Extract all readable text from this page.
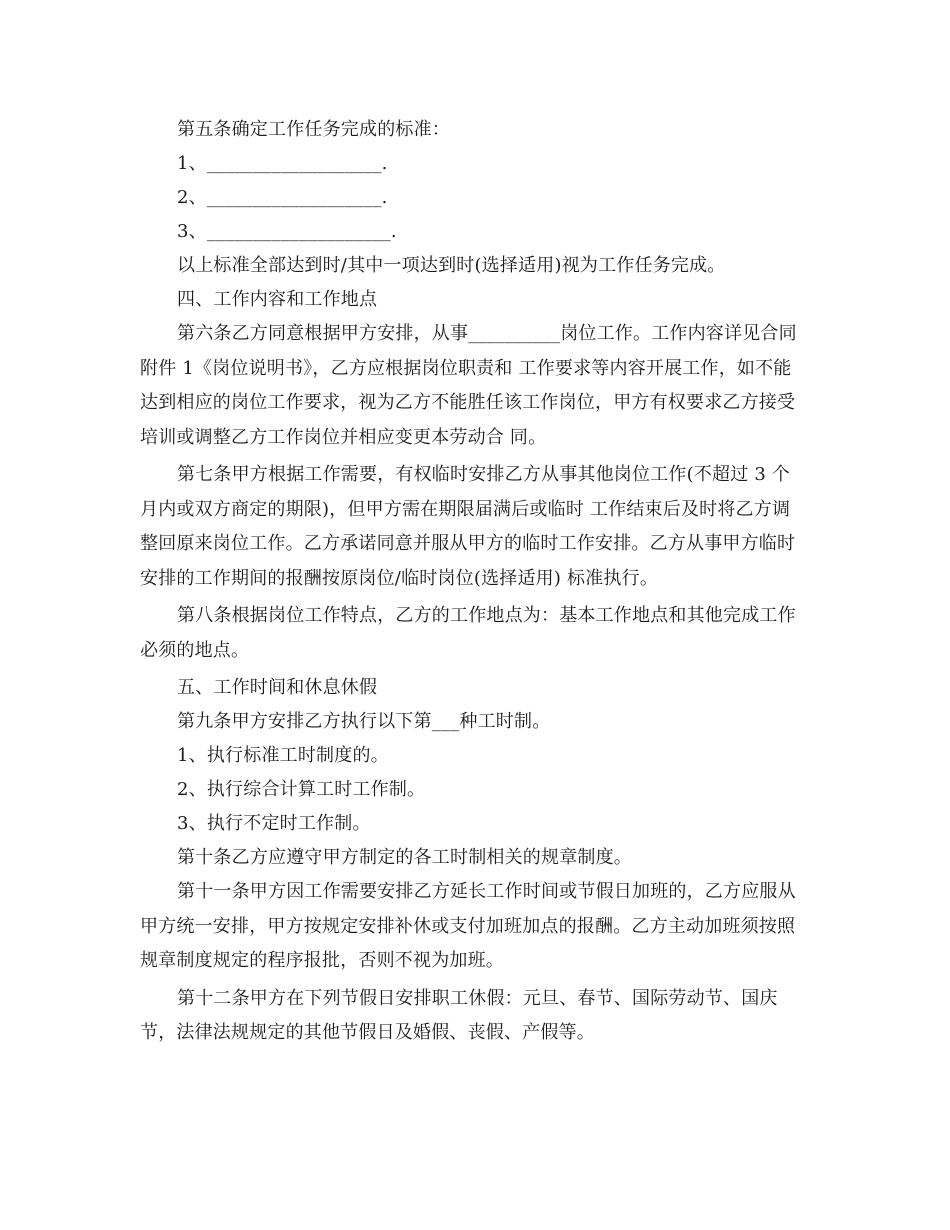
第五条确定工作任务完成的标准：
1、___________________.
2、___________________.
3、____________________.
以上标准全部达到时/其中一项达到时(选择适用)视为工作任务完成。
四、工作内容和工作地点
第六条乙方同意根据甲方安排，从事__________岗位工作。工作内容详见合同
附件 1《岗位说明书》，乙方应根据岗位职责和 工作要求等内容开展工作，如不能
达到相应的岗位工作要求，视为乙方不能胜任该工作岗位，甲方有权要求乙方接受
培训或调整乙方工作岗位并相应变更本劳动合 同。
第七条甲方根据工作需要，有权临时安排乙方从事其他岗位工作(不超过 3 个
月内或双方商定的期限)，但甲方需在期限届满后或临时 工作结束后及时将乙方调
整回原来岗位工作。乙方承诺同意并服从甲方的临时工作安排。乙方从事甲方临时
安排的工作期间的报酬按原岗位/临时岗位(选择适用) 标准执行。
第八条根据岗位工作特点，乙方的工作地点为：基本工作地点和其他完成工作
必须的地点。
五、工作时间和休息休假
第九条甲方安排乙方执行以下第___种工时制。
1、执行标准工时制度的。
2、执行综合计算工时工作制。
3、执行不定时工作制。
第十条乙方应遵守甲方制定的各工时制相关的规章制度。
第十一条甲方因工作需要安排乙方延长工作时间或节假日加班的，乙方应服从
甲方统一安排，甲方按规定安排补休或支付加班加点的报酬。乙方主动加班须按照
规章制度规定的程序报批，否则不视为加班。
第十二条甲方在下列节假日安排职工休假：元旦、春节、国际劳动节、国庆
节，法律法规规定的其他节假日及婚假、丧假、产假等。
